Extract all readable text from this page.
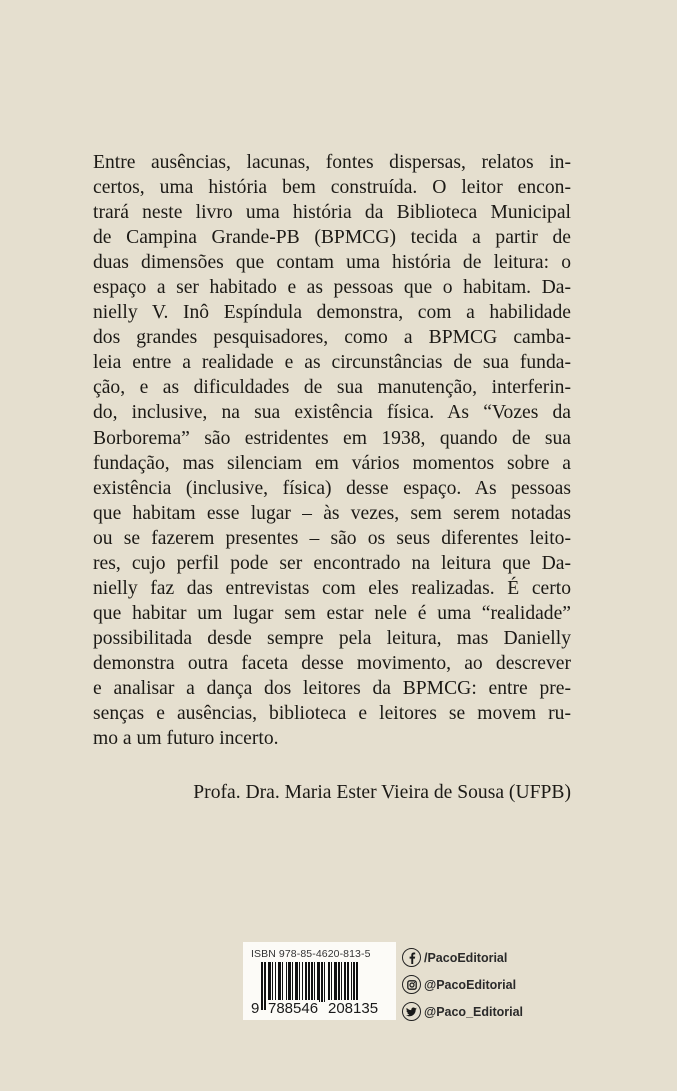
Entre ausências, lacunas, fontes dispersas, relatos in-
certos, uma história bem construída. O leitor encon-
trará neste livro uma história da Biblioteca Municipal
de Campina Grande-PB (BPMCG) tecida a partir de
duas dimensões que contam uma história de leitura: o
espaço a ser habitado e as pessoas que o habitam. Da-
nielly V. Inô Espíndula demonstra, com a habilidade
dos grandes pesquisadores, como a BPMCG camba-
leia entre a realidade e as circunstâncias de sua funda-
ção, e as dificuldades de sua manutenção, interferin-
do, inclusive, na sua existência física. As “Vozes da
Borborema” são estridentes em 1938, quando de sua
fundação, mas silenciam em vários momentos sobre a
existência (inclusive, física) desse espaço. As pessoas
que habitam esse lugar – às vezes, sem serem notadas
ou se fazerem presentes – são os seus diferentes leito-
res, cujo perfil pode ser encontrado na leitura que Da-
nielly faz das entrevistas com eles realizadas. É certo
que habitar um lugar sem estar nele é uma “realidade”
possibilitada desde sempre pela leitura, mas Danielly
demonstra outra faceta desse movimento, ao descrever
e analisar a dança dos leitores da BPMCG: entre pre-
senças e ausências, biblioteca e leitores se movem ru-
mo a um futuro incerto.
Profa. Dra. Maria Ester Vieira de Sousa (UFPB)
ISBN 978-85-4620-813-5
9 788546 208135
/PacoEditorial
@PacoEditorial
@Paco_Editorial
